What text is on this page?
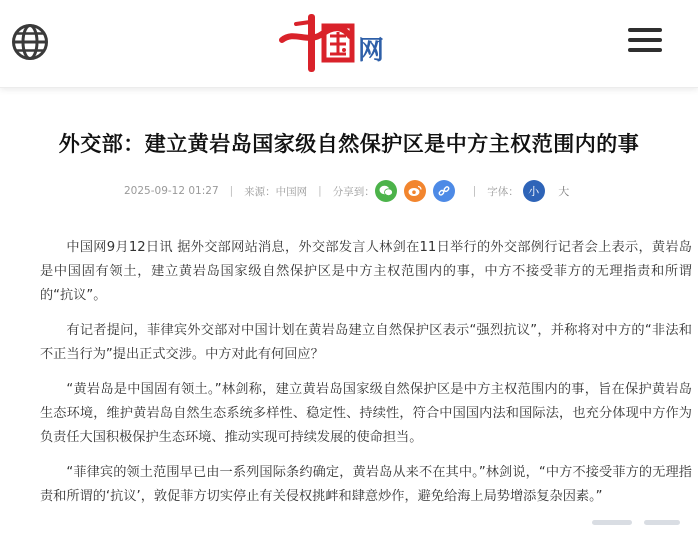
网
外交部：建立黄岩岛国家级自然保护区是中方主权范围内的事
2025-09-12 01:27 | 来源：中国网 | 分享到：	| 字体： 小	大

中国网9月12日讯 据外交部网站消息，外交部发言人林剑在11日举行的外交部例行记者会上表示，黄岩岛是中国固有领土，建立黄岩岛国家级自然保护区是中方主权范围内的事，中方不接受菲方的无理指责和所谓的“抗议”。

有记者提问，菲律宾外交部对中国计划在黄岩岛建立自然保护区表示“强烈抗议”，并称将对中方的“非法和不正当行为”提出正式交涉。中方对此有何回应？

“黄岩岛是中国固有领土。”林剑称，建立黄岩岛国家级自然保护区是中方主权范围内的事，旨在保护黄岩岛生态环境，维护黄岩岛自然生态系统多样性、稳定性、持续性，符合中国国内法和国际法，也充分体现中方作为负责任大国积极保护生态环境、推动实现可持续发展的使命担当。

“菲律宾的领土范围早已由一系列国际条约确定，黄岩岛从来不在其中。”林剑说，“中方不接受菲方的无理指责和所谓的‘抗议’，敦促菲方切实停止有关侵权挑衅和肆意炒作，避免给海上局势增添复杂因素。”
